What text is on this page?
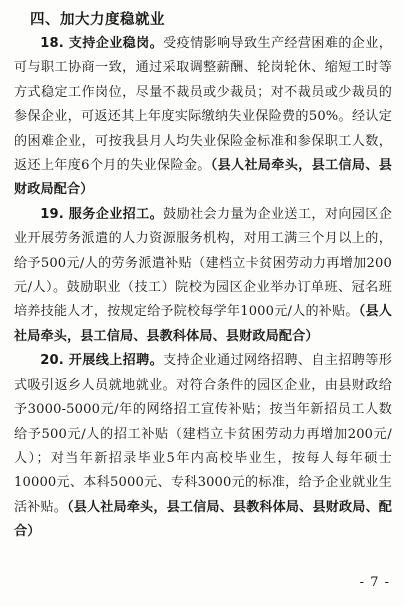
四、加大力度稳就业

18. 支持企业稳岗。受疫情影响导致生产经营困难的企业，可与职工协商一致，通过采取调整薪酬、轮岗轮休、缩短工时等方式稳定工作岗位，尽量不裁员或少裁员；对不裁员或少裁员的参保企业，可返还其上年度实际缴纳失业保险费的50%。经认定的困难企业，可按我县月人均失业保险金标准和参保职工人数，返还上年度6个月的失业保险金。（县人社局牵头，县工信局、县财政局配合）

19. 服务企业招工。鼓励社会力量为企业送工，对向园区企业开展劳务派遣的人力资源服务机构，对用工满三个月以上的，给予500元/人的劳务派遣补贴（建档立卡贫困劳动力再增加200元/人）。鼓励职业（技工）院校为园区企业举办订单班、冠名班培养技能人才，按规定给予院校每学年1000元/人的补贴。（县人社局牵头，县工信局、县教科体局、县财政局配合）

20. 开展线上招聘。支持企业通过网络招聘、自主招聘等形式吸引返乡人员就地就业。对符合条件的园区企业，由县财政给予3000-5000元/年的网络招工宣传补贴；按当年新招员工人数给予500元/人的招工补贴（建档立卡贫困劳动力再增加200元/人）；对当年新招录毕业5年内高校毕业生，按每人每年硕士10000元、本科5000元、专科3000元的标准，给予企业就业生活补贴。（县人社局牵头，县工信局、县教科体局、县财政局、配合）

- 7 -
